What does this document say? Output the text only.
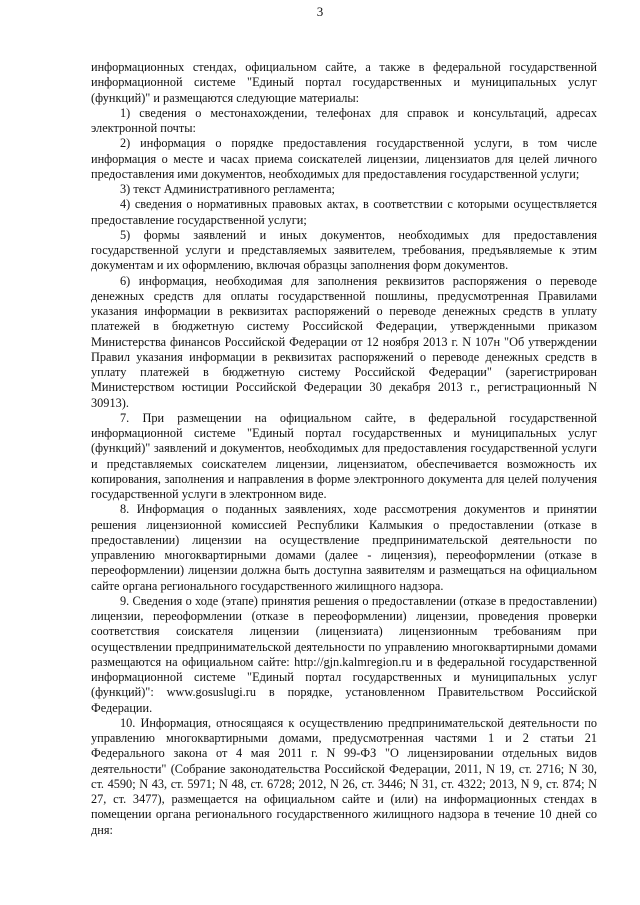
3

информационных стендах, официальном сайте, а также в федеральной государственной информационной системе "Единый портал государственных и муниципальных услуг (функций)" и размещаются следующие материалы:

1) сведения о местонахождении, телефонах для справок и консультаций, адресах электронной почты:

2) информация о порядке предоставления государственной услуги, в том числе информация о месте и часах приема соискателей лицензии, лицензиатов для целей личного предоставления ими документов, необходимых для предоставления государственной услуги;

3) текст Административного регламента;

4) сведения о нормативных правовых актах, в соответствии с которыми осуществляется предоставление государственной услуги;

5) формы заявлений и иных документов, необходимых для предоставления государственной услуги и представляемых заявителем, требования, предъявляемые к этим документам и их оформлению, включая образцы заполнения форм документов.

6) информация, необходимая для заполнения реквизитов распоряжения о переводе денежных средств для оплаты государственной пошлины, предусмотренная Правилами указания информации в реквизитах распоряжений о переводе денежных средств в уплату платежей в бюджетную систему Российской Федерации, утвержденными приказом Министерства финансов Российской Федерации от 12 ноября 2013 г. N 107н "Об утверждении Правил указания информации в реквизитах распоряжений о переводе денежных средств в уплату платежей в бюджетную систему Российской Федерации" (зарегистрирован Министерством юстиции Российской Федерации 30 декабря 2013 г., регистрационный N 30913).

7. При размещении на официальном сайте, в федеральной государственной информационной системе "Единый портал государственных и муниципальных услуг (функций)" заявлений и документов, необходимых для предоставления государственной услуги и представляемых соискателем лицензии, лицензиатом, обеспечивается возможность их копирования, заполнения и направления в форме электронного документа для целей получения государственной услуги в электронном виде.

8. Информация о поданных заявлениях, ходе рассмотрения документов и принятии решения лицензионной комиссией Республики Калмыкия о предоставлении (отказе в предоставлении) лицензии на осуществление предпринимательской деятельности по управлению многоквартирными домами (далее - лицензия), переоформлении (отказе в переоформлении) лицензии должна быть доступна заявителям и размещаться на официальном сайте органа регионального государственного жилищного надзора.

9. Сведения о ходе (этапе) принятия решения о предоставлении (отказе в предоставлении) лицензии, переоформлении (отказе в переоформлении) лицензии, проведения проверки соответствия соискателя лицензии (лицензиата) лицензионным требованиям при осуществлении предпринимательской деятельности по управлению многоквартирными домами размещаются на официальном сайте: http://gjn.kalmregion.ru и в федеральной государственной информационной системе "Единый портал государственных и муниципальных услуг (функций)": www.gosuslugi.ru в порядке, установленном Правительством Российской Федерации.

10. Информация, относящаяся к осуществлению предпринимательской деятельности по управлению многоквартирными домами, предусмотренная частями 1 и 2 статьи 21 Федерального закона от 4 мая 2011 г. N 99-ФЗ "О лицензировании отдельных видов деятельности" (Собрание законодательства Российской Федерации, 2011, N 19, ст. 2716; N 30, ст. 4590; N 43, ст. 5971; N 48, ст. 6728; 2012, N 26, ст. 3446; N 31, ст. 4322; 2013, N 9, ст. 874; N 27, ст. 3477), размещается на официальном сайте и (или) на информационных стендах в помещении органа регионального государственного жилищного надзора в течение 10 дней со дня:
